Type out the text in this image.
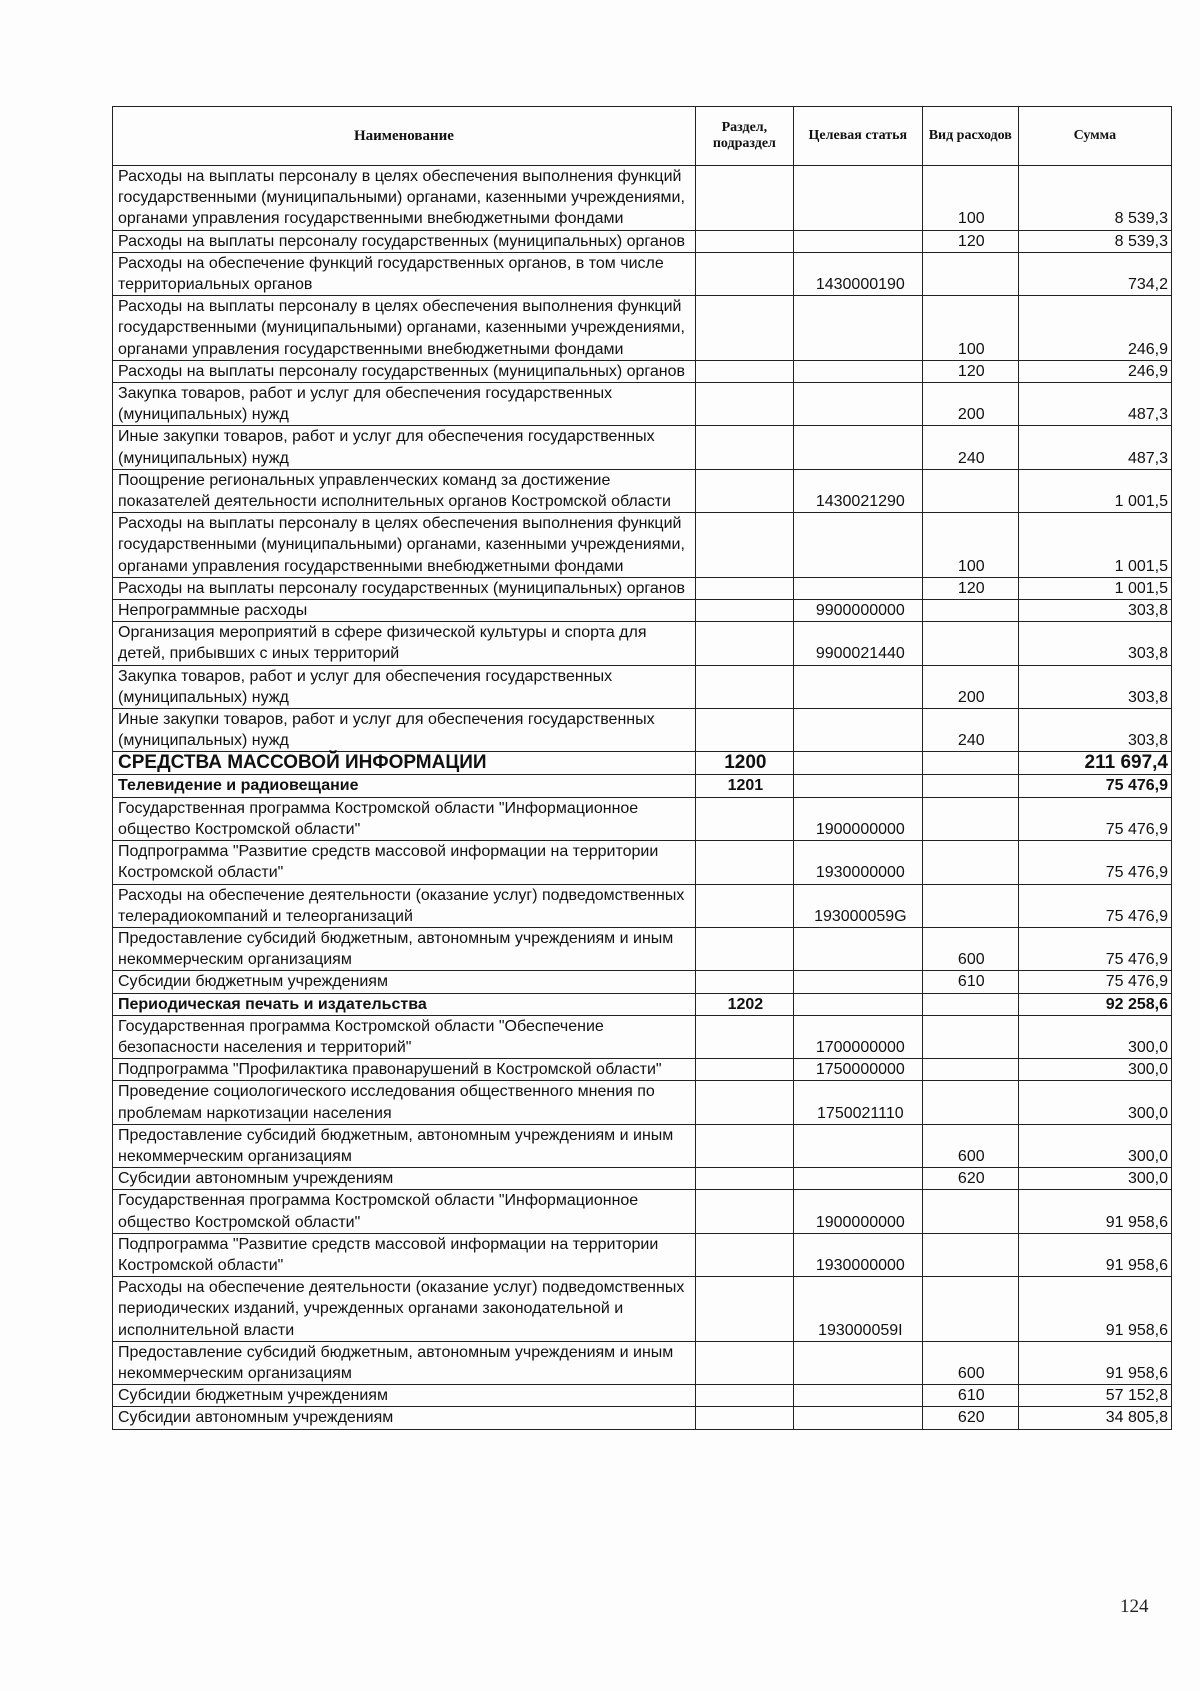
Наименование	Раздел, подраздел	Целевая статья	Вид расходов	Сумма
Расходы на выплаты персоналу в целях обеспечения выполнения функций государственными (муниципальными) органами, казенными учреждениями, органами управления государственными внебюджетными фондами			100	8 539,3
Расходы на выплаты персоналу государственных (муниципальных) органов			120	8 539,3
Расходы на обеспечение функций государственных органов, в том числе территориальных органов		1430000190		734,2
Расходы на выплаты персоналу в целях обеспечения выполнения функций государственными (муниципальными) органами, казенными учреждениями, органами управления государственными внебюджетными фондами			100	246,9
Расходы на выплаты персоналу государственных (муниципальных) органов			120	246,9
Закупка товаров, работ и услуг для обеспечения государственных (муниципальных) нужд			200	487,3
Иные закупки товаров, работ и услуг для обеспечения государственных (муниципальных) нужд			240	487,3
Поощрение региональных управленческих команд за достижение показателей деятельности исполнительных органов Костромской области		1430021290		1 001,5
Расходы на выплаты персоналу в целях обеспечения выполнения функций государственными (муниципальными) органами, казенными учреждениями, органами управления государственными внебюджетными фондами			100	1 001,5
Расходы на выплаты персоналу государственных (муниципальных) органов			120	1 001,5
Непрограммные расходы		9900000000		303,8
Организация мероприятий в сфере физической культуры и спорта для детей, прибывших с иных территорий		9900021440		303,8
Закупка товаров, работ и услуг для обеспечения государственных (муниципальных) нужд			200	303,8
Иные закупки товаров, работ и услуг для обеспечения государственных (муниципальных) нужд			240	303,8
СРЕДСТВА МАССОВОЙ ИНФОРМАЦИИ	1200			211 697,4
Телевидение и радиовещание	1201			75 476,9
Государственная программа Костромской области "Информационное общество Костромской области"		1900000000		75 476,9
Подпрограмма "Развитие средств массовой информации на территории Костромской области"		1930000000		75 476,9
Расходы на обеспечение деятельности (оказание услуг) подведомственных телерадиокомпаний и телеорганизаций		193000059G		75 476,9
Предоставление субсидий бюджетным, автономным учреждениям и иным некоммерческим организациям			600	75 476,9
Субсидии бюджетным учреждениям			610	75 476,9
Периодическая печать и издательства	1202			92 258,6
Государственная программа Костромской области "Обеспечение безопасности населения и территорий"		1700000000		300,0
Подпрограмма "Профилактика правонарушений в Костромской области"		1750000000		300,0
Проведение социологического исследования общественного мнения по проблемам наркотизации населения		1750021110		300,0
Предоставление субсидий бюджетным, автономным учреждениям и иным некоммерческим организациям			600	300,0
Субсидии автономным учреждениям			620	300,0
Государственная программа Костромской области "Информационное общество Костромской области"		1900000000		91 958,6
Подпрограмма "Развитие средств массовой информации на территории Костромской области"		1930000000		91 958,6
Расходы на обеспечение деятельности (оказание услуг) подведомственных периодических изданий, учрежденных органами законодательной и исполнительной власти		193000059I		91 958,6
Предоставление субсидий бюджетным, автономным учреждениям и иным некоммерческим организациям			600	91 958,6
Субсидии бюджетным учреждениям			610	57 152,8
Субсидии автономным учреждениям			620	34 805,8
124
